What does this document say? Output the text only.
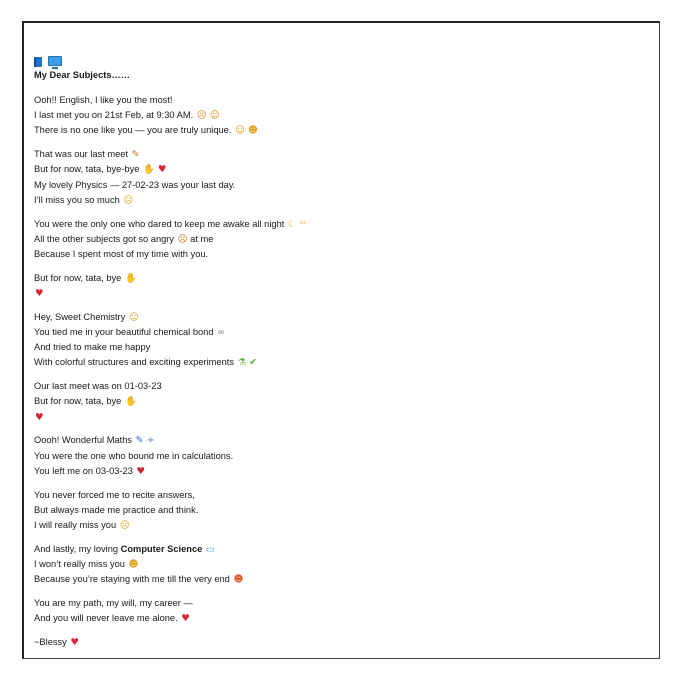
My Dear Subjects……
Ooh!! English, I like you the most!
I last met you on 21st Feb, at 9:30 AM. ☹ ☺
There is no one like you — you are truly unique. ☺ ☻
That was our last meet ✎
But for now, tata, bye-bye ✋ ♥
My lovely Physics — 27-02-23 was your last day.
I’ll miss you so much ☹
You were the only one who dared to keep me awake all night ☾ ᶻᶻ
All the other subjects got so angry ☹ at me
Because I spent most of my time with you.
But for now, tata, bye ✋
♥
Hey, Sweet Chemistry ☺
You tied me in your beautiful chemical bond ∞
And tried to make me happy
With colorful structures and exciting experiments ⚗ ✔
Our last meet was on 01-03-23
But for now, tata, bye ✋
♥
Oooh! Wonderful Maths ✎ ÷
You were the one who bound me in calculations.
You left me on 03-03-23 ♥
You never forced me to recite answers,
But always made me practice and think.
I will really miss you ☹
And lastly, my loving Computer Science ▭
I won’t really miss you ☻
Because you’re staying with me till the very end ☻
You are my path, my will, my career —
And you will never leave me alone. ♥
~Blessy ♥
